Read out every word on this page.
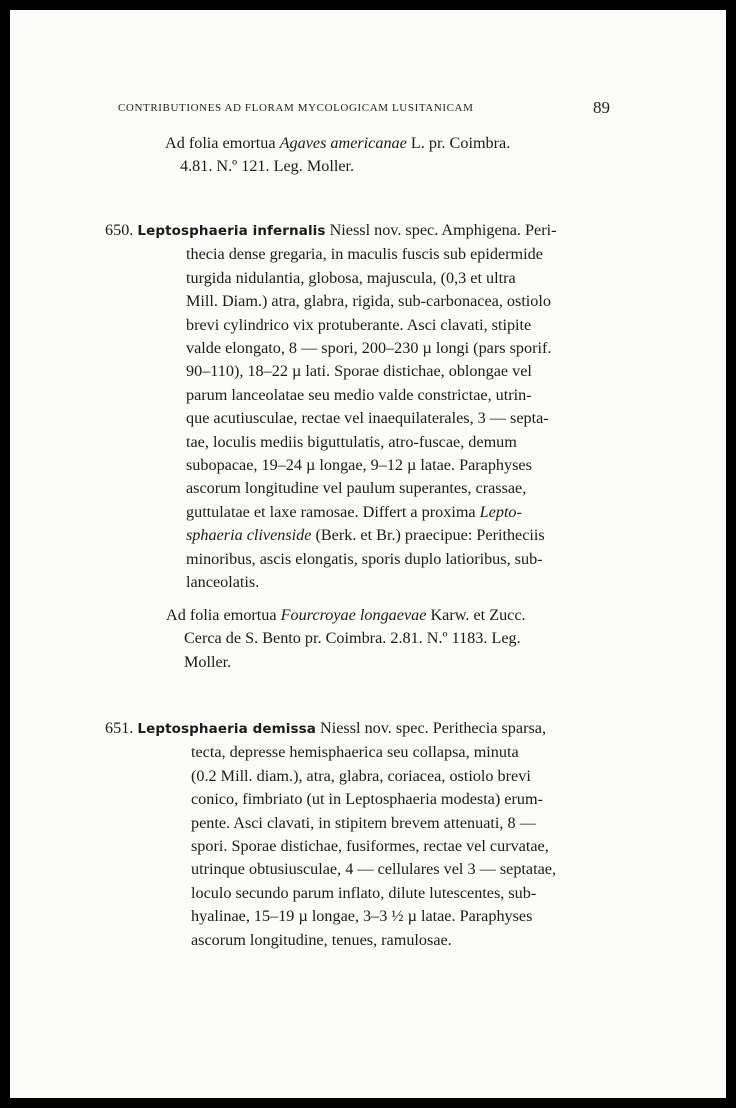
CONTRIBUTIONES AD FLORAM MYCOLOGICAM LUSITANICAM	89
Ad folia emortua Agaves americanae L. pr. Coimbra.
4.81. N.º 121. Leg. Moller.
650. Leptosphaeria infernalis Niessl nov. spec. Amphigena. Peri-
thecia dense gregaria, in maculis fuscis sub epidermide
turgida nidulantia, globosa, majuscula, (0,3 et ultra
Mill. Diam.) atra, glabra, rigida, sub-carbonacea, ostiolo
brevi cylindrico vix protuberante. Asci clavati, stipite
valde elongato, 8 — spori, 200–230 µ longi (pars sporif.
90–110), 18–22 µ lati. Sporae distichae, oblongae vel
parum lanceolatae seu medio valde constrictae, utrin-
que acutiusculae, rectae vel inaequilaterales, 3 — septa-
tae, loculis mediis biguttulatis, atro-fuscae, demum
subopacae, 19–24 µ longae, 9–12 µ latae. Paraphyses
ascorum longitudine vel paulum superantes, crassae,
guttulatae et laxe ramosae. Differt a proxima Lepto-
sphaeria clivenside (Berk. et Br.) praecipue: Peritheciis
minoribus, ascis elongatis, sporis duplo latioribus, sub-
lanceolatis.
Ad folia emortua Fourcroyae longaevae Karw. et Zucc.
Cerca de S. Bento pr. Coimbra. 2.81. N.º 1183. Leg.
Moller.
651. Leptosphaeria demissa Niessl nov. spec. Perithecia sparsa,
tecta, depresse hemisphaerica seu collapsa, minuta
(0.2 Mill. diam.), atra, glabra, coriacea, ostiolo brevi
conico, fimbriato (ut in Leptosphaeria modesta) erum-
pente. Asci clavati, in stipitem brevem attenuati, 8 —
spori. Sporae distichae, fusiformes, rectae vel curvatae,
utrinque obtusiusculae, 4 — cellulares vel 3 — septatae,
loculo secundo parum inflato, dilute lutescentes, sub-
hyalinae, 15–19 µ longae, 3–3 ½ µ latae. Paraphyses
ascorum longitudine, tenues, ramulosae.
